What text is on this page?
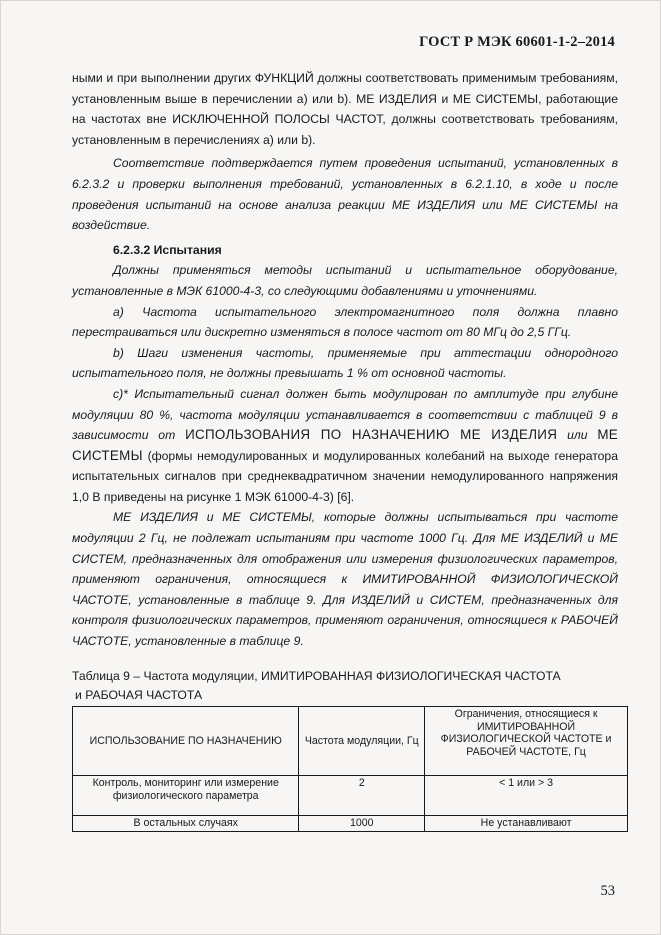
ГОСТ Р МЭК 60601-1-2–2014

ными и при выполнении других ФУНКЦИЙ должны соответствовать применимым требованиям, установленным выше в перечислении a) или b). МЕ ИЗДЕЛИЯ и МЕ СИСТЕМЫ, работающие на частотах вне ИСКЛЮЧЕННОЙ ПОЛОСЫ ЧАСТОТ, должны соответствовать требованиям, установленным в перечислениях a) или b).

Соответствие подтверждается путем проведения испытаний, установленных в 6.2.3.2 и проверки выполнения требований, установленных в 6.2.1.10, в ходе и после проведения испытаний на основе анализа реакции МЕ ИЗДЕЛИЯ или МЕ СИСТЕМЫ на воздействие.

6.2.3.2 Испытания

Должны применяться методы испытаний и испытательное оборудование, установленные в МЭК 61000-4-3, со следующими добавлениями и уточнениями.

a) Частота испытательного электромагнитного поля должна плавно перестраиваться или дискретно изменяться в полосе частот от 80 МГц до 2,5 ГГц.

b) Шаги изменения частоты, применяемые при аттестации однородного испытательного поля, не должны превышать 1 % от основной частоты.

c)* Испытательный сигнал должен быть модулирован по амплитуде при глубине модуляции 80 %, частота модуляции устанавливается в соответствии с таблицей 9 в зависимости от ИСПОЛЬЗОВАНИЯ ПО НАЗНАЧЕНИЮ МЕ ИЗДЕЛИЯ или МЕ СИСТЕМЫ (формы немодулированных и модулированных колебаний на выходе генератора испытательных сигналов при среднеквадратичном значении немодулированного напряжения 1,0 В приведены на рисунке 1 МЭК 61000-4-3) [6].

МЕ ИЗДЕЛИЯ и МЕ СИСТЕМЫ, которые должны испытываться при частоте модуляции 2 Гц, не подлежат испытаниям при частоте 1000 Гц. Для МЕ ИЗДЕЛИЙ и МЕ СИСТЕМ, предназначенных для отображения или измерения физиологических параметров, применяют ограничения, относящиеся к ИМИТИРОВАННОЙ ФИЗИОЛОГИЧЕСКОЙ ЧАСТОТЕ, установленные в таблице 9. Для ИЗДЕЛИЙ и СИСТЕМ, предназначенных для контроля физиологических параметров, применяют ограничения, относящиеся к РАБОЧЕЙ ЧАСТОТЕ, установленные в таблице 9.

Таблица 9 – Частота модуляции, ИМИТИРОВАННАЯ ФИЗИОЛОГИЧЕСКАЯ ЧАСТОТА
и РАБОЧАЯ ЧАСТОТА
ИСПОЛЬЗОВАНИЕ ПО НАЗНАЧЕНИЮ	Частота модуляции, Гц	Ограничения, относящиеся к ИМИТИРОВАННОЙ ФИЗИОЛОГИЧЕСКОЙ ЧАСТОТЕ и РАБОЧЕЙ ЧАСТОТЕ, Гц
Контроль, мониторинг или измерение физиологического параметра	2	< 1 или > 3
В остальных случаях	1000	Не устанавливают
53
